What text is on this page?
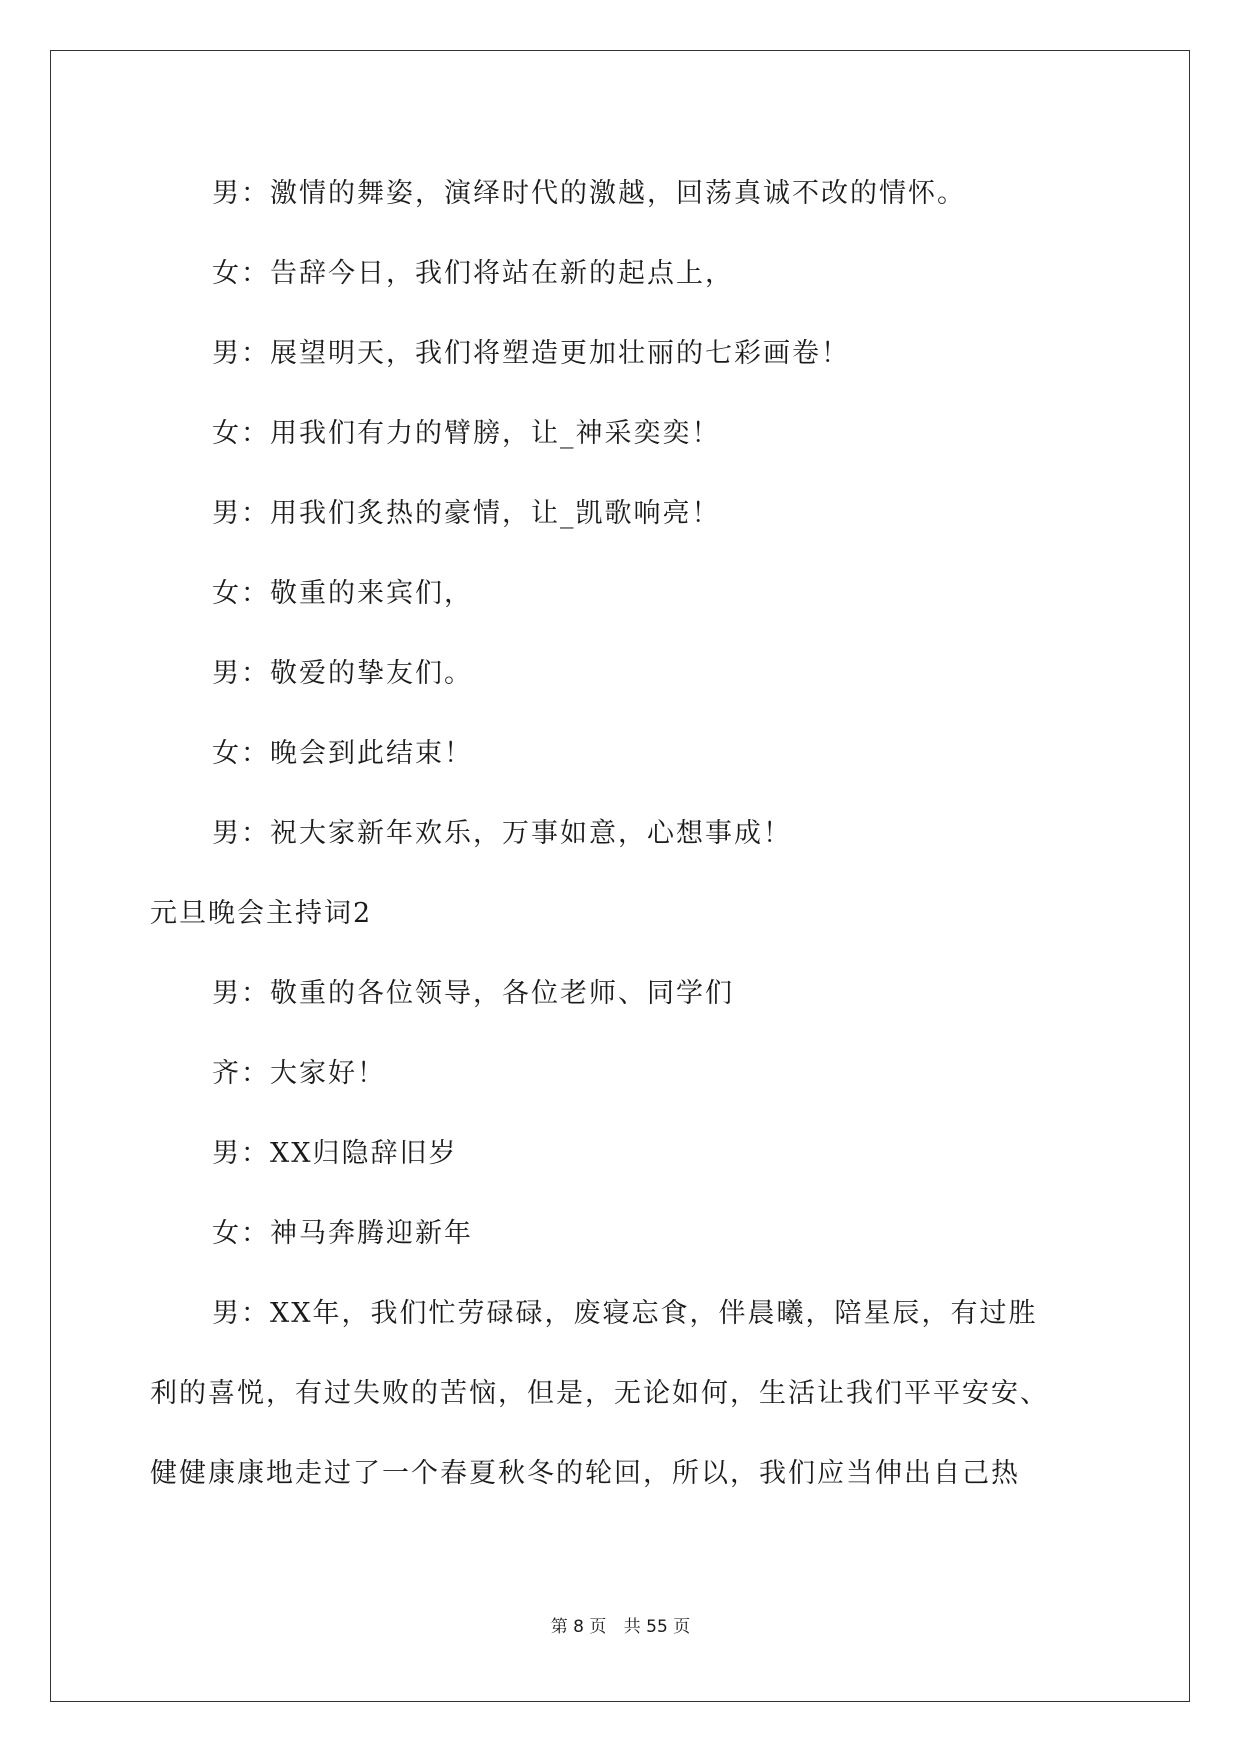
男：激情的舞姿，演绎时代的激越，回荡真诚不改的情怀。
女：告辞今日，我们将站在新的起点上，
男：展望明天，我们将塑造更加壮丽的七彩画卷！
女：用我们有力的臂膀，让_神采奕奕！
男：用我们炙热的豪情，让_凯歌响亮！
女：敬重的来宾们，
男：敬爱的挚友们。
女：晚会到此结束！
男：祝大家新年欢乐，万事如意，心想事成！
元旦晚会主持词2
男：敬重的各位领导，各位老师、同学们
齐：大家好！
男：XX归隐辞旧岁
女：神马奔腾迎新年
男：XX年，我们忙劳碌碌，废寝忘食，伴晨曦，陪星辰，有过胜
利的喜悦，有过失败的苦恼，但是，无论如何，生活让我们平平安安、
健健康康地走过了一个春夏秋冬的轮回，所以，我们应当伸出自己热
第 8 页 共 55 页
